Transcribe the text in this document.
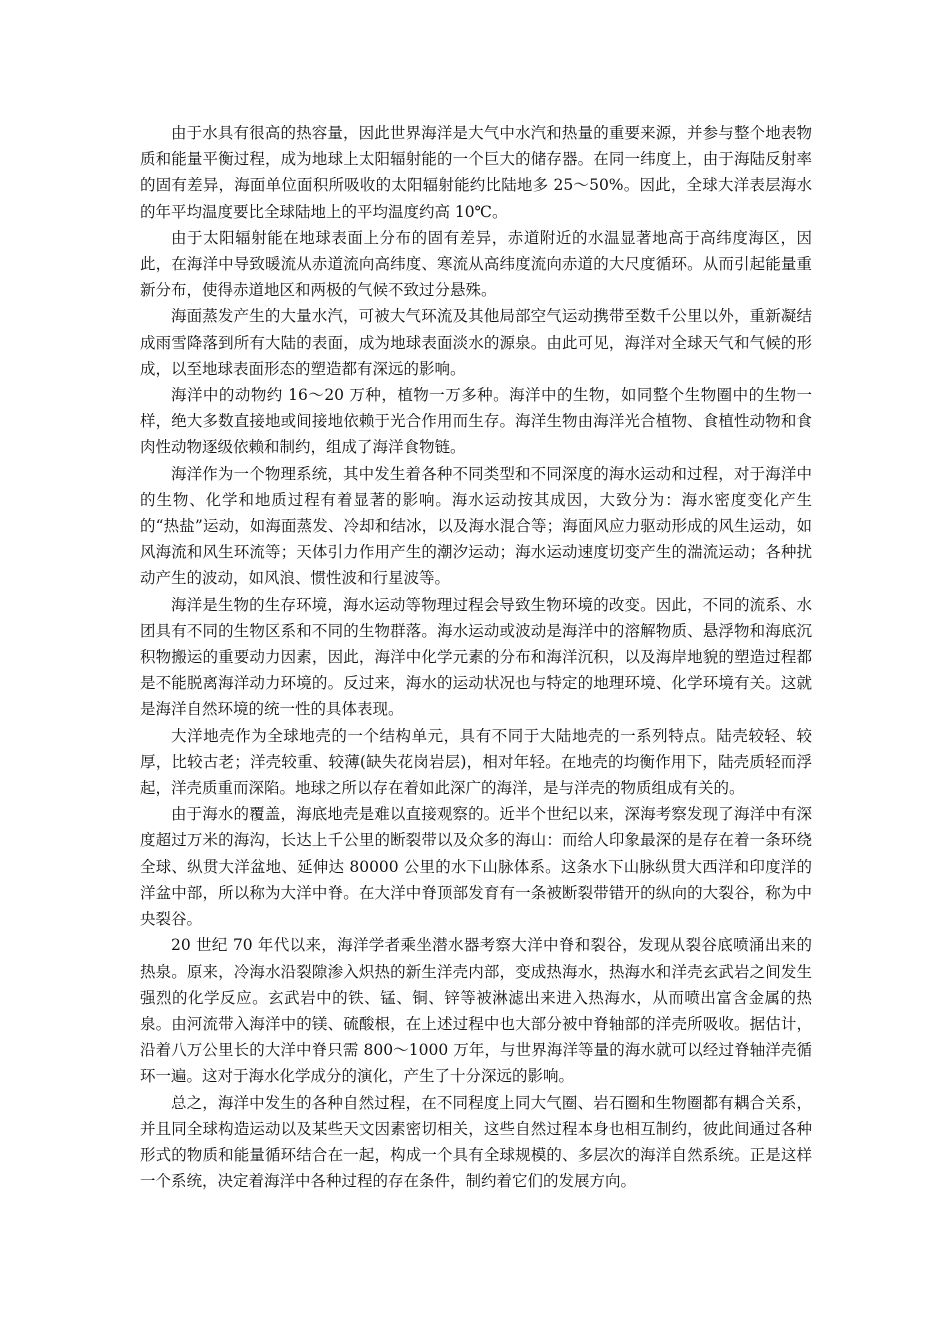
由于水具有很高的热容量，因此世界海洋是大气中水汽和热量的重要来源，并参与整个地表物质和能量平衡过程，成为地球上太阳辐射能的一个巨大的储存器。在同一纬度上，由于海陆反射率的固有差异，海面单位面积所吸收的太阳辐射能约比陆地多 25～50%。因此，全球大洋表层海水的年平均温度要比全球陆地上的平均温度约高 10℃。

由于太阳辐射能在地球表面上分布的固有差异，赤道附近的水温显著地高于高纬度海区，因此，在海洋中导致暖流从赤道流向高纬度、寒流从高纬度流向赤道的大尺度循环。从而引起能量重新分布，使得赤道地区和两极的气候不致过分悬殊。

海面蒸发产生的大量水汽，可被大气环流及其他局部空气运动携带至数千公里以外，重新凝结成雨雪降落到所有大陆的表面，成为地球表面淡水的源泉。由此可见，海洋对全球天气和气候的形成，以至地球表面形态的塑造都有深远的影响。

海洋中的动物约 16～20 万种，植物一万多种。海洋中的生物，如同整个生物圈中的生物一样，绝大多数直接地或间接地依赖于光合作用而生存。海洋生物由海洋光合植物、食植性动物和食肉性动物逐级依赖和制约，组成了海洋食物链。

海洋作为一个物理系统，其中发生着各种不同类型和不同深度的海水运动和过程，对于海洋中的生物、化学和地质过程有着显著的影响。海水运动按其成因，大致分为：海水密度变化产生的“热盐”运动，如海面蒸发、冷却和结冰，以及海水混合等；海面风应力驱动形成的风生运动，如风海流和风生环流等；天体引力作用产生的潮汐运动；海水运动速度切变产生的湍流运动；各种扰动产生的波动，如风浪、惯性波和行星波等。

海洋是生物的生存环境，海水运动等物理过程会导致生物环境的改变。因此，不同的流系、水团具有不同的生物区系和不同的生物群落。海水运动或波动是海洋中的溶解物质、悬浮物和海底沉积物搬运的重要动力因素，因此，海洋中化学元素的分布和海洋沉积，以及海岸地貌的塑造过程都是不能脱离海洋动力环境的。反过来，海水的运动状况也与特定的地理环境、化学环境有关。这就是海洋自然环境的统一性的具体表现。

大洋地壳作为全球地壳的一个结构单元，具有不同于大陆地壳的一系列特点。陆壳较轻、较厚，比较古老；洋壳较重、较薄(缺失花岗岩层)，相对年轻。在地壳的均衡作用下，陆壳质轻而浮起，洋壳质重而深陷。地球之所以存在着如此深广的海洋，是与洋壳的物质组成有关的。

由于海水的覆盖，海底地壳是难以直接观察的。近半个世纪以来，深海考察发现了海洋中有深度超过万米的海沟，长达上千公里的断裂带以及众多的海山：而给人印象最深的是存在着一条环绕全球、纵贯大洋盆地、延伸达 80000 公里的水下山脉体系。这条水下山脉纵贯大西洋和印度洋的洋盆中部，所以称为大洋中脊。在大洋中脊顶部发育有一条被断裂带错开的纵向的大裂谷，称为中央裂谷。

20 世纪 70 年代以来，海洋学者乘坐潜水器考察大洋中脊和裂谷，发现从裂谷底喷涌出来的热泉。原来，冷海水沿裂隙渗入炽热的新生洋壳内部，变成热海水，热海水和洋壳玄武岩之间发生强烈的化学反应。玄武岩中的铁、锰、铜、锌等被淋滤出来进入热海水，从而喷出富含金属的热泉。由河流带入海洋中的镁、硫酸根，在上述过程中也大部分被中脊轴部的洋壳所吸收。据估计，沿着八万公里长的大洋中脊只需 800～1000 万年，与世界海洋等量的海水就可以经过脊轴洋壳循环一遍。这对于海水化学成分的演化，产生了十分深远的影响。

总之，海洋中发生的各种自然过程，在不同程度上同大气圈、岩石圈和生物圈都有耦合关系，并且同全球构造运动以及某些天文因素密切相关，这些自然过程本身也相互制约，彼此间通过各种形式的物质和能量循环结合在一起，构成一个具有全球规模的、多层次的海洋自然系统。正是这样一个系统，决定着海洋中各种过程的存在条件，制约着它们的发展方向。
